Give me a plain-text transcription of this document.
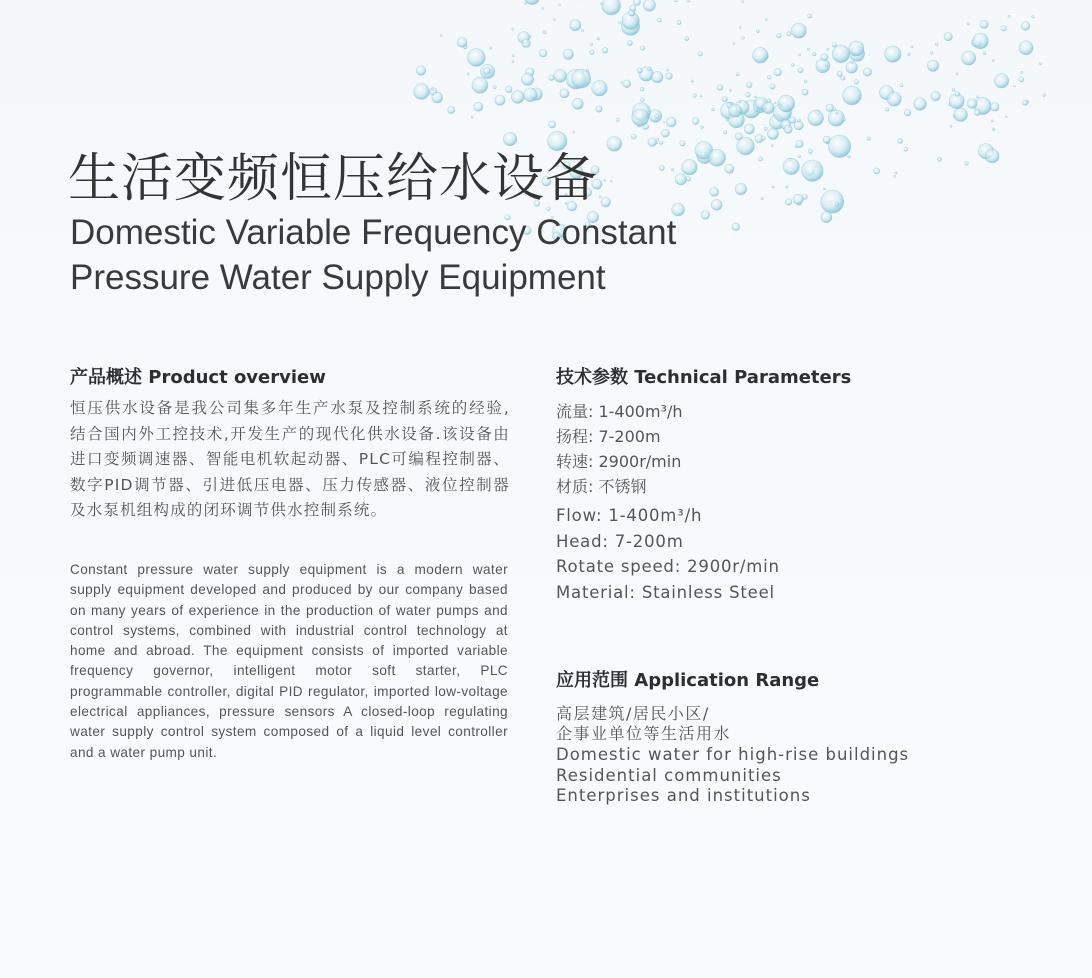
生活变频恒压给水设备
Domestic Variable Frequency Constant
Pressure Water Supply Equipment
产品概述 Product overview

恒压供水设备是我公司集多年生产水泵及控制系统的经验,结合国内外工控技术,开发生产的现代化供水设备.该设备由进口变频调速器、智能电机软起动器、PLC可编程控制器、数字PID调节器、引进低压电器、压力传感器、液位控制器及水泵机组构成的闭环调节供水控制系统。

Constant pressure water supply equipment is a modern water supply equipment developed and produced by our company based on many years of experience in the production of water pumps and control systems, combined with industrial control technology at home and abroad. The equipment consists of imported variable frequency governor, intelligent motor soft starter, PLC programmable controller, digital PID regulator, imported low-voltage electrical appliances, pressure sensors A closed-loop regulating water supply control system composed of a liquid level controller and a water pump unit.

技术参数 Technical Parameters
流量: 1-400m³/h
扬程: 7-200m
转速: 2900r/min
材质: 不锈钢
Flow: 1-400m³/h
Head: 7-200m
Rotate speed: 2900r/min
Material: Stainless Steel
应用范围 Application Range
高层建筑/居民小区/
企事业单位等生活用水
Domestic water for high-rise buildings
Residential communities
Enterprises and institutions
